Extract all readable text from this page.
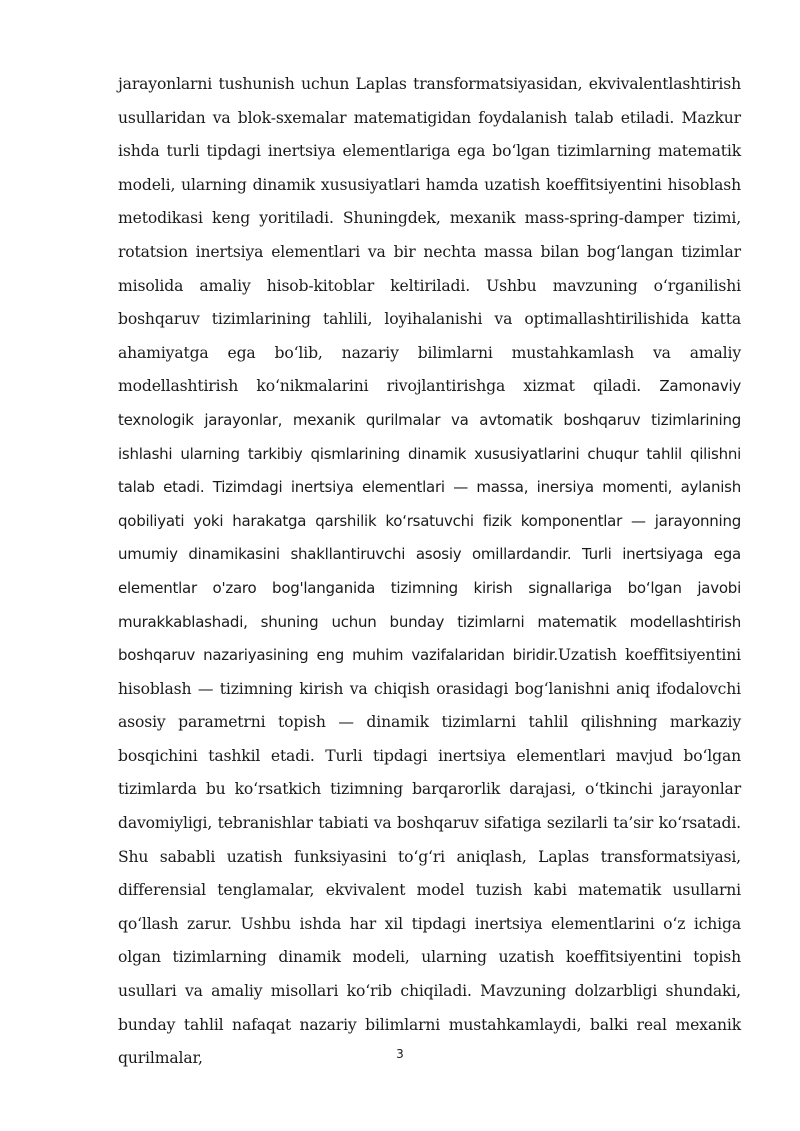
jarayonlarni tushunish uchun Laplas transformatsiyasidan, ekvivalentlashtirish usullaridan va blok-sxemalar matematigidan foydalanish talab etiladi. Mazkur ishda turli tipdagi inertsiya elementlariga ega bo‘lgan tizimlarning matematik modeli, ularning dinamik xususiyatlari hamda uzatish koeffitsiyentini hisoblash metodikasi keng yoritiladi. Shuningdek, mexanik mass-spring-damper tizimi, rotatsion inertsiya elementlari va bir nechta massa bilan bog‘langan tizimlar misolida amaliy hisob-kitoblar keltiriladi. Ushbu mavzuning o‘rganilishi boshqaruv tizimlarining tahlili, loyihalanishi va optimallashtirilishida katta ahamiyatga ega bo‘lib, nazariy bilimlarni mustahkamlash va amaliy modellashtirish ko‘nikmalarini rivojlantirishga xizmat qiladi. Zamonaviy texnologik jarayonlar, mexanik qurilmalar va avtomatik boshqaruv tizimlarining ishlashi ularning tarkibiy qismlarining dinamik xususiyatlarini chuqur tahlil qilishni talab etadi. Tizimdagi inertsiya elementlari — massa, inersiya momenti, aylanish qobiliyati yoki harakatga qarshilik ko‘rsatuvchi fizik komponentlar — jarayonning umumiy dinamikasini shakllantiruvchi asosiy omillardandir. Turli inertsiyaga ega elementlar o'zaro bog'langanida tizimning kirish signallariga bo‘lgan javobi murakkablashadi, shuning uchun bunday tizimlarni matematik modellashtirish boshqaruv nazariyasining eng muhim vazifalaridan biridir.Uzatish koeffitsiyentini hisoblash — tizimning kirish va chiqish orasidagi bog‘lanishni aniq ifodalovchi asosiy parametrni topish — dinamik tizimlarni tahlil qilishning markaziy bosqichini tashkil etadi. Turli tipdagi inertsiya elementlari mavjud bo‘lgan tizimlarda bu ko‘rsatkich tizimning barqarorlik darajasi, o‘tkinchi jarayonlar davomiyligi, tebranishlar tabiati va boshqaruv sifatiga sezilarli ta’sir ko‘rsatadi. Shu sababli uzatish funksiyasini to‘g‘ri aniqlash, Laplas transformatsiyasi, differensial tenglamalar, ekvivalent model tuzish kabi matematik usullarni qo‘llash zarur. Ushbu ishda har xil tipdagi inertsiya elementlarini o‘z ichiga olgan tizimlarning dinamik modeli, ularning uzatish koeffitsiyentini topish usullari va amaliy misollari ko‘rib chiqiladi. Mavzuning dolzarbligi shundaki, bunday tahlil nafaqat nazariy bilimlarni mustahkamlaydi, balki real mexanik qurilmalar,	3
